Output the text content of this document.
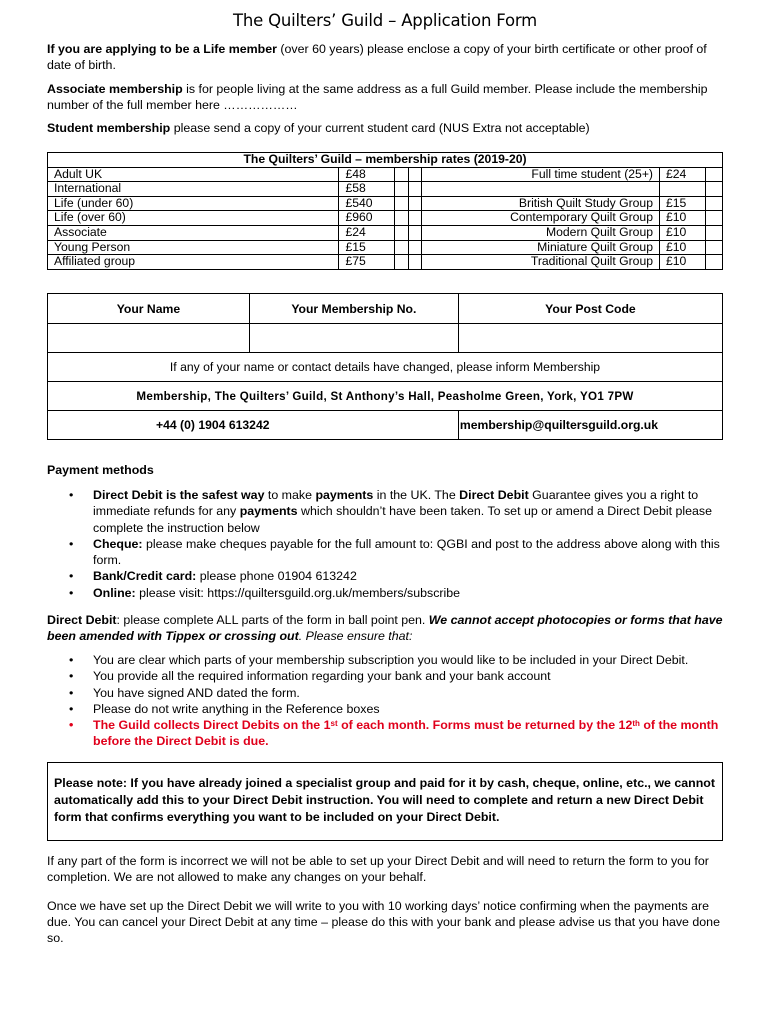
The Quilters’ Guild – Application Form

If you are applying to be a Life member (over 60 years) please enclose a copy of your birth certificate or other proof of date of birth.

Associate membership is for people living at the same address as a full Guild member. Please include the membership number of the full member here ………………

Student membership please send a copy of your current student card (NUS Extra not acceptable)

The Quilters’ Guild – membership rates (2019-20)						
Adult UK	£48			Full time student (25+)	£24	
International	£58					
Life (under 60)	£540			British Quilt Study Group	£15	
Life (over 60)	£960			Contemporary Quilt Group	£10	
Associate	£24			Modern Quilt Group	£10	
Young Person	£15			Miniature Quilt Group	£10	
Affiliated group	£75			Traditional Quilt Group	£10	
Your Name	Your Membership No.	Your Post Code

If any of your name or contact details have changed, please inform Membership		
Membership, The Quilters’ Guild, St Anthony’s Hall, Peasholme Green, York, YO1 7PW		
+44 (0) 1904 613242		membership@quiltersguild.org.uk

Payment methods

• Direct Debit is the safest way to make payments in the UK. The Direct Debit Guarantee gives you a right to immediate refunds for any payments which shouldn’t have been taken. To set up or amend a Direct Debit please complete the instruction below
• Cheque: please make cheques payable for the full amount to: QGBI and post to the address above along with this form.
• Bank/Credit card: please phone 01904 613242
• Online: please visit: https://quiltersguild.org.uk/members/subscribe

Direct Debit: please complete ALL parts of the form in ball point pen. We cannot accept photocopies or forms that have been amended with Tippex or crossing out. Please ensure that:

• You are clear which parts of your membership subscription you would like to be included in your Direct Debit.
• You provide all the required information regarding your bank and your bank account
• You have signed AND dated the form.
• Please do not write anything in the Reference boxes
• The Guild collects Direct Debits on the 1st of each month. Forms must be returned by the 12th of the month before the Direct Debit is due.
Please note: If you have already joined a specialist group and paid for it by cash, cheque, online, etc., we cannot automatically add this to your Direct Debit instruction. You will need to complete and return a new Direct Debit form that confirms everything you want to be included on your Direct Debit.

If any part of the form is incorrect we will not be able to set up your Direct Debit and will need to return the form to you for completion. We are not allowed to make any changes on your behalf.

Once we have set up the Direct Debit we will write to you with 10 working days’ notice confirming when the payments are due. You can cancel your Direct Debit at any time – please do this with your bank and please advise us that you have done so.
